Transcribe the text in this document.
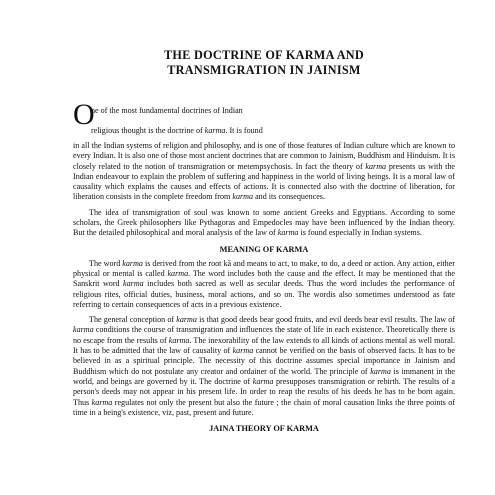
THE DOCTRINE OF KARMA AND
TRANSMIGRATION IN JAINISM
O
ne of the most fundamental doctrines of Indian
religious thought is the doctrine of karma. It is found

in all the Indian systems of religion and philosophy, and is one of those features of Indian culture which are known to every Indian. It is also one of those most ancient doctrines that are common to Jainism, Buddhism and Hinduism. It is closely related to the notion of transmigration or metempsychosis. In fact the theory of karma presents us with the Indian endeavour to explain the problem of suffering and happiness in the world of living beings. It is a moral law of causality which explains the causes and effects of actions. It is connected also with the doctrine of liberation, for liberation consists in the complete freedom from karma and its consequences.

The idea of transmigration of soul was known to some ancient Greeks and Egyptians. According to some scholars, the Greek philosophers like Pythagoras and Empedocles may have been influenced by the Indian theory. But the detailed philosophical and moral analysis of the law of karma is found especially in Indian systems.

MEANING OF KARMA

The word karma is derived from the root kā and means to act, to make, to do, a deed or action. Any action, either physical or mental is called karma. The word includes both the cause and the effect. It may be mentioned that the Sanskrit word karma includes both sacred as well as secular deeds. Thus the word includes the performance of religious rites, official duties, business, moral actions, and so on. The wordis also sometimes understood as fate referring to certain consequences of acts in a previous existence.

The general conception of karma is that good deeds bear good fruits, and evil deeds bear evil results. The law of karma conditions the course of transmigration and influences the state of life in each existence. Theoretically there is no escape from the results of karma. The inexorability of the law extends to all kinds of actions mental as well moral. It has to be admitted that the law of causality of karma cannot be verified on the basis of observed facts. It has to be believed in as a spiritual principle. The necessity of this doctrine assumes special importance in Jainism and Buddhism which do not postulate any creator and ordainer of the world. The principle of karma is immanent in the world, and beings are governed by it. The doctrine of karma presupposes transmigration or rebirth. The results of a person's deeds may not appear in his present life. In order to reap the results of his deeds he has to be born again. Thus karma regulates not only the present but also the future ; the chain of moral causation links the three points of time in a being's existence, viz, past, present and future.

JAINA THEORY OF KARMA
